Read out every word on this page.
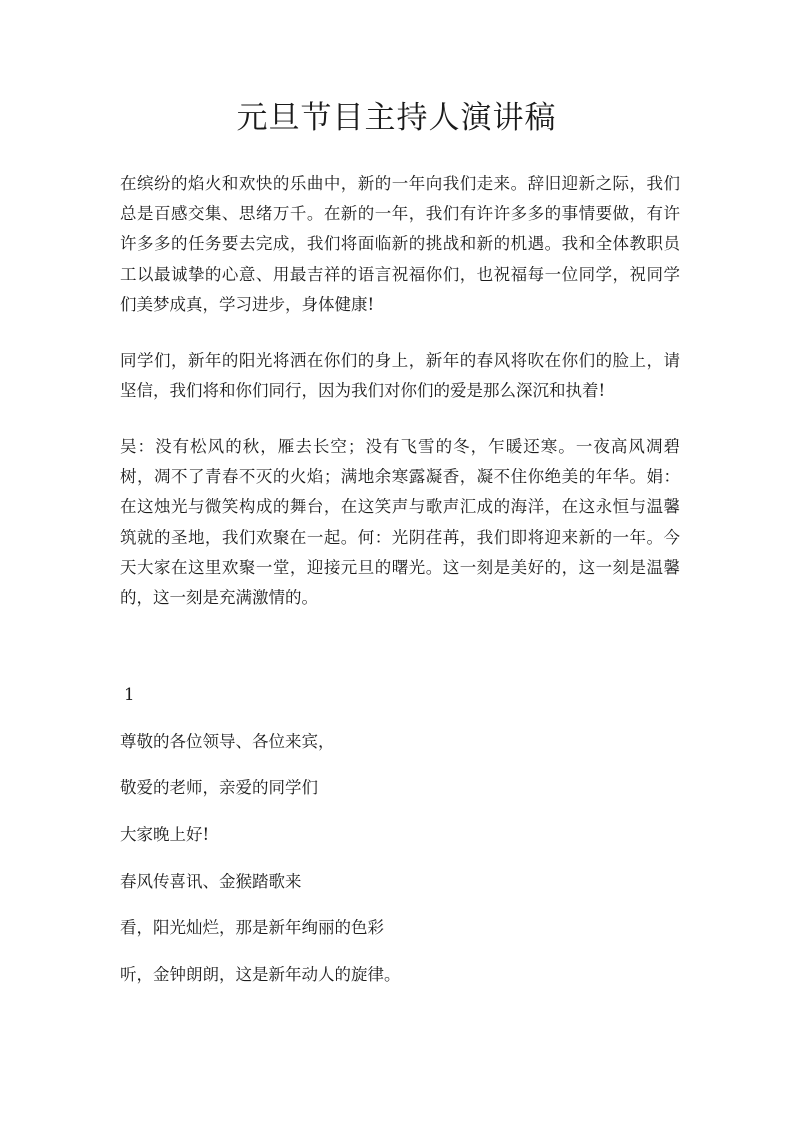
元旦节目主持人演讲稿

在缤纷的焰火和欢快的乐曲中，新的一年向我们走来。辞旧迎新之际，我们总是百感交集、思绪万千。在新的一年，我们有许许多多的事情要做，有许许多多的任务要去完成，我们将面临新的挑战和新的机遇。我和全体教职员工以最诚挚的心意、用最吉祥的语言祝福你们，也祝福每一位同学，祝同学们美梦成真，学习进步，身体健康!

同学们，新年的阳光将洒在你们的身上，新年的春风将吹在你们的脸上，请坚信，我们将和你们同行，因为我们对你们的爱是那么深沉和执着!

吴：没有松风的秋，雁去长空；没有飞雪的冬，乍暖还寒。一夜高风凋碧树，凋不了青春不灭的火焰；满地余寒露凝香，凝不住你绝美的年华。娟：在这烛光与微笑构成的舞台，在这笑声与歌声汇成的海洋，在这永恒与温馨筑就的圣地，我们欢聚在一起。何：光阴荏苒，我们即将迎来新的一年。今天大家在这里欢聚一堂，迎接元旦的曙光。这一刻是美好的，这一刻是温馨的，这一刻是充满激情的。

1

尊敬的各位领导、各位来宾，

敬爱的老师，亲爱的同学们

大家晚上好!

春风传喜讯、金猴踏歌来

看，阳光灿烂，那是新年绚丽的色彩

听，金钟朗朗，这是新年动人的旋律。
